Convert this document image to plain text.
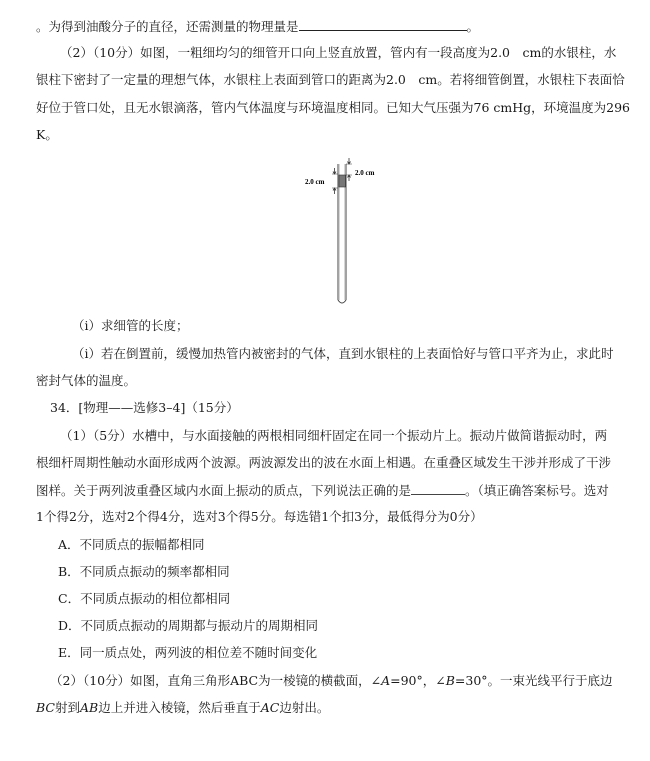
。为得到油酸分子的直径，还需测量的物理量是	。
（2）（10分）如图，一粗细均匀的细管开口向上竖直放置，管内有一段高度为2.0　cm的水银柱，水
银柱下密封了一定量的理想气体，水银柱上表面到管口的距离为2.0　cm。若将细管倒置，水银柱下表面恰
好位于管口处，且无水银滴落，管内气体温度与环境温度相同。已知大气压强为76 cmHg，环境温度为296
K。
2.0 cm
2.0 cm
（i）求细管的长度；
（i）若在倒置前，缓慢加热管内被密封的气体，直到水银柱的上表面恰好与管口平齐为止，求此时
密封气体的温度。
34．[物理——选修3–4]（15分）
（1）（5分）水槽中，与水面接触的两根相同细杆固定在同一个振动片上。振动片做简谐振动时，两
根细杆周期性触动水面形成两个波源。两波源发出的波在水面上相遇。在重叠区域发生干涉并形成了干涉
图样。关于两列波重叠区域内水面上振动的质点，下列说法正确的是	。（填正确答案标号。选对
1个得2分，选对2个得4分，选对3个得5分。每选错1个扣3分，最低得分为0分）
A．不同质点的振幅都相同
B．不同质点振动的频率都相同
C．不同质点振动的相位都相同
D．不同质点振动的周期都与振动片的周期相同
E．同一质点处，两列波的相位差不随时间变化
（2）（10分）如图，直角三角形ABC为一棱镜的横截面，∠A=90°，∠B=30°。一束光线平行于底边
BC射到AB边上并进入棱镜，然后垂直于AC边射出。
